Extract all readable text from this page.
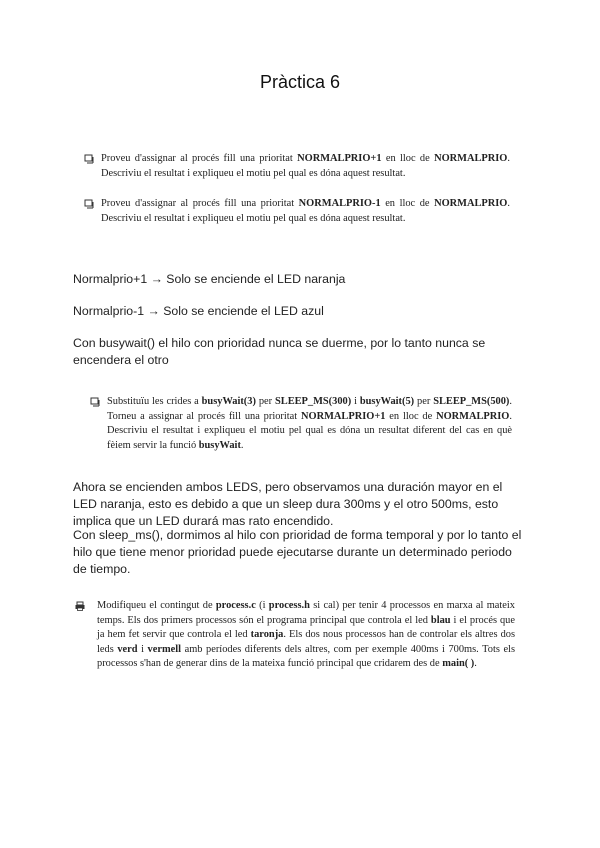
Pràctica 6
Proveu d'assignar al procés fill una prioritat NORMALPRIO+1 en lloc de NORMALPRIO. Descriviu el resultat i expliqueu el motiu pel qual es dóna aquest resultat.
Proveu d'assignar al procés fill una prioritat NORMALPRIO-1 en lloc de NORMALPRIO. Descriviu el resultat i expliqueu el motiu pel qual es dóna aquest resultat.
Normalprio+1 → Solo se enciende el LED naranja
Normalprio-1 → Solo se enciende el LED azul
Con busywait() el hilo con prioridad nunca se duerme, por lo tanto nunca se encendera el otro
Substituïu les crides a busyWait(3) per SLEEP_MS(300) i busyWait(5) per SLEEP_MS(500). Torneu a assignar al procés fill una prioritat NORMALPRIO+1 en lloc de NORMALPRIO. Descriviu el resultat i expliqueu el motiu pel qual es dóna un resultat diferent del cas en què fèiem servir la funció busyWait.
Ahora se encienden ambos LEDS, pero observamos una duración mayor en el LED naranja, esto es debido a que un sleep dura 300ms y el otro 500ms, esto implica que un LED durará mas rato encendido.
Con sleep_ms(), dormimos al hilo con prioridad de forma temporal y por lo tanto el hilo que tiene menor prioridad puede ejecutarse durante un determinado periodo de tiempo.
Modifiqueu el contingut de process.c (i process.h si cal) per tenir 4 processos en marxa al mateix temps. Els dos primers processos són el programa principal que controla el led blau i el procés que ja hem fet servir que controla el led taronja. Els dos nous processos han de controlar els altres dos leds verd i vermell amb períodes diferents dels altres, com per exemple 400ms i 700ms. Tots els processos s'han de generar dins de la mateixa funció principal que cridarem des de main( ).
